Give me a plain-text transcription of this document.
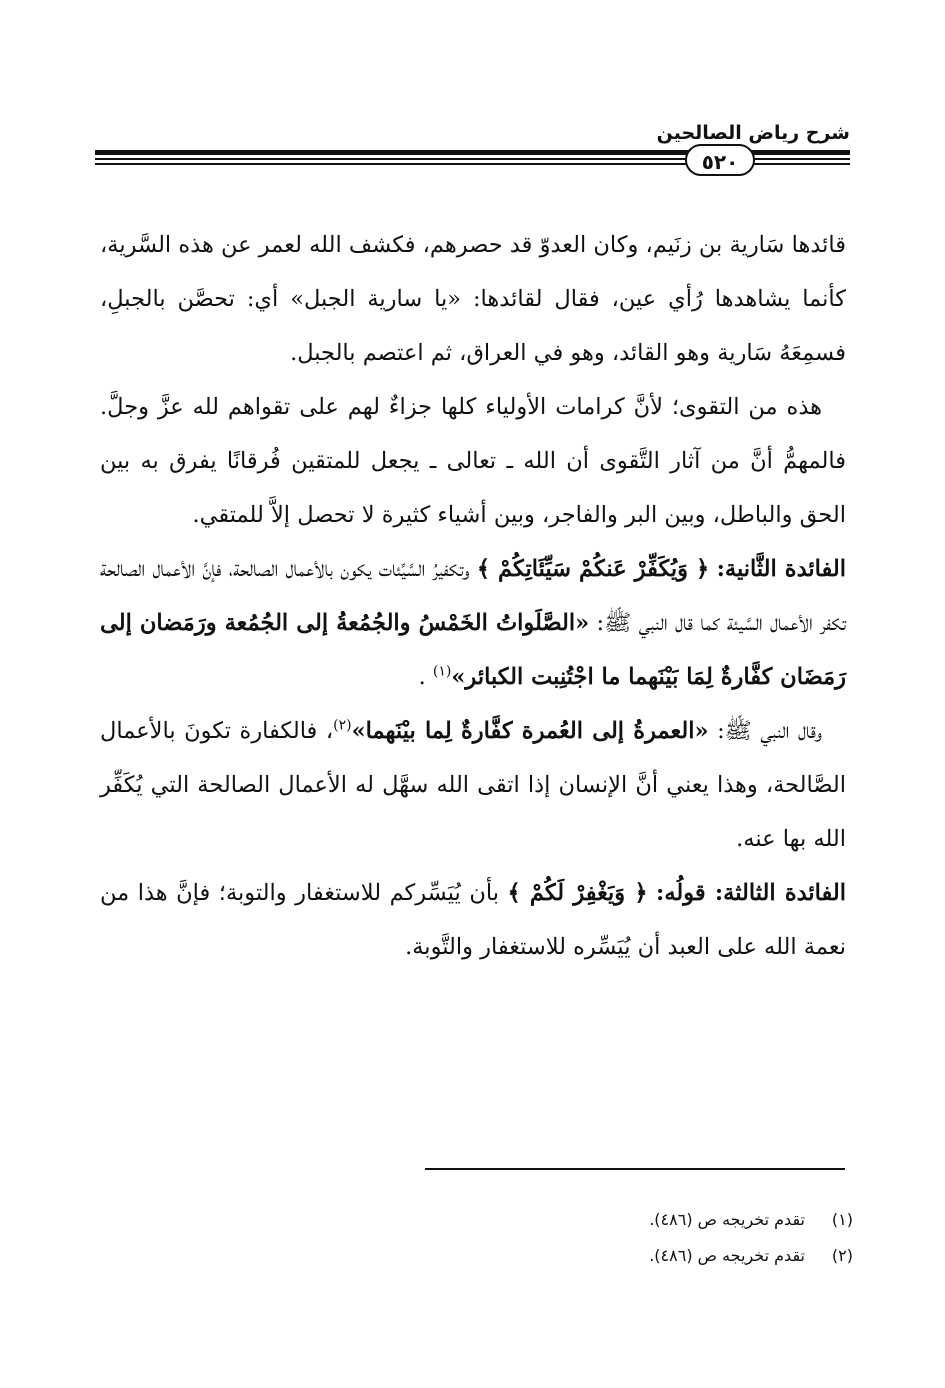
شرح رياض الصالحين
٥٢٠

قائدها سَارية بن زنَيم، وكان العدوّ قد حصرهم، فكشف الله لعمر عن هذه السَّرية، كأنما يشاهدها رُأي عين، فقال لقائدها: «يا سارية الجبل» أي: تحصَّن بالجبلِ، فسمِعَهُ سَارية وهو القائد، وهو في العراق، ثم اعتصم بالجبل.

هذه من التقوى؛ لأنَّ كرامات الأولياء كلها جزاءٌ لهم على تقواهم لله عزَّ وجلَّ. فالمهمُّ أنَّ من آثار التَّقوى أن الله ـ تعالى ـ يجعل للمتقين فُرقانًا يفرق به بين الحق والباطل، وبين البر والفاجر، وبين أشياء كثيرة لا تحصل إلاَّ للمتقي.

الفائدة الثَّانية: ﴿ وَيُكَفِّرْ عَنكُمْ سَيِّئَاتِكُمْ ﴾ وتكفيرُ السَّيِّئات يكون بالأعمال الصالحة، فإنَّ الأعمال الصالحة تكفر الأعمال السَّيئة كما قال النبي ﷺ: «الصَّلَواتُ الخَمْسُ والجُمُعةُ إلى الجُمُعة ورَمَضان إلى رَمَضَان كفَّارةٌ لِمَا بَيْنَهما ما اجْتُنِبت الكبائر»$^{(١)}$ .

وقال النبي ﷺ: «العمرةُ إلى العُمرة كفَّارةٌ لِما بيْنَهما»$^{(٢)}$، فالكفارة تكونَ بالأعمال الصَّالحة، وهذا يعني أنَّ الإنسان إذا اتقى الله سهَّل له الأعمال الصالحة التي يُكَفِّر الله بها عنه.

الفائدة الثالثة: قولُه: ﴿ وَيَغْفِرْ لَكُمْ ﴾ بأن يُيَسِّركم للاستغفار والتوبة؛ فإنَّ هذا من نعمة الله على العبد أن يُيَسِّره للاستغفار والتَّوبة.

(١)
تقدم تخريجه ص (٤٨٦).
(٢)
تقدم تخريجه ص (٤٨٦).
